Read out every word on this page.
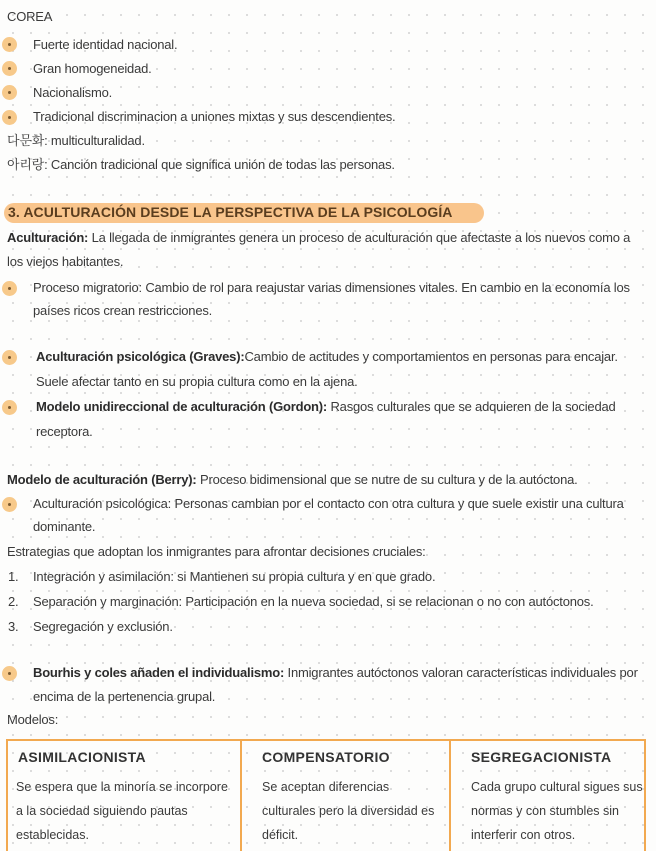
COREA
Fuerte identidad nacional.
Gran homogeneidad.
Nacionalismo.
Tradicional discriminacion a uniones mixtas y sus descendientes.
다문화: multiculturalidad.
아리랑: Canción tradicional que significa unión de todas las personas.
3. ACULTURACIÓN DESDE LA PERSPECTIVA DE LA PSICOLOGÍA
Aculturación: La llegada de inmigrantes genera un proceso de aculturación que afectaste a los nuevos como a
los viejos habitantes.
Proceso migratorio: Cambio de rol para reajustar varias dimensiones vitales. En cambio en la economía los
países ricos crean restricciones.
Aculturación psicológica (Graves):Cambio de actitudes y comportamientos en personas para encajar.
Suele afectar tanto en su propia cultura como en la ajena.
Modelo unidireccional de aculturación (Gordon): Rasgos culturales que se adquieren de la sociedad
receptora.
Modelo de aculturación (Berry): Proceso bidimensional que se nutre de su cultura y de la autóctona.
Aculturación psicológica: Personas cambian por el contacto con otra cultura y que suele existir una cultura
dominante.
Estrategias que adoptan los inmigrantes para afrontar decisiones cruciales:
1. Integración y asimilación: si Mantienen su propia cultura y en que grado.
2. Separación y marginación: Participación en la nueva sociedad, si se relacionan o no con autóctonos.
3. Segregación y exclusión.
Bourhis y coles añaden el individualismo: Inmigrantes autóctonos valoran características individuales por
encima de la pertenencia grupal.
Modelos:
ASIMILACIONISTA
Se espera que la minoría se incorpore a la sociedad siguiendo pautas establecidas.
COMPENSATORIO
Se aceptan diferencias culturales pero la diversidad es déficit.
SEGREGACIONISTA
Cada grupo cultural sigues sus normas y con stumbles sin interferir con otros.
